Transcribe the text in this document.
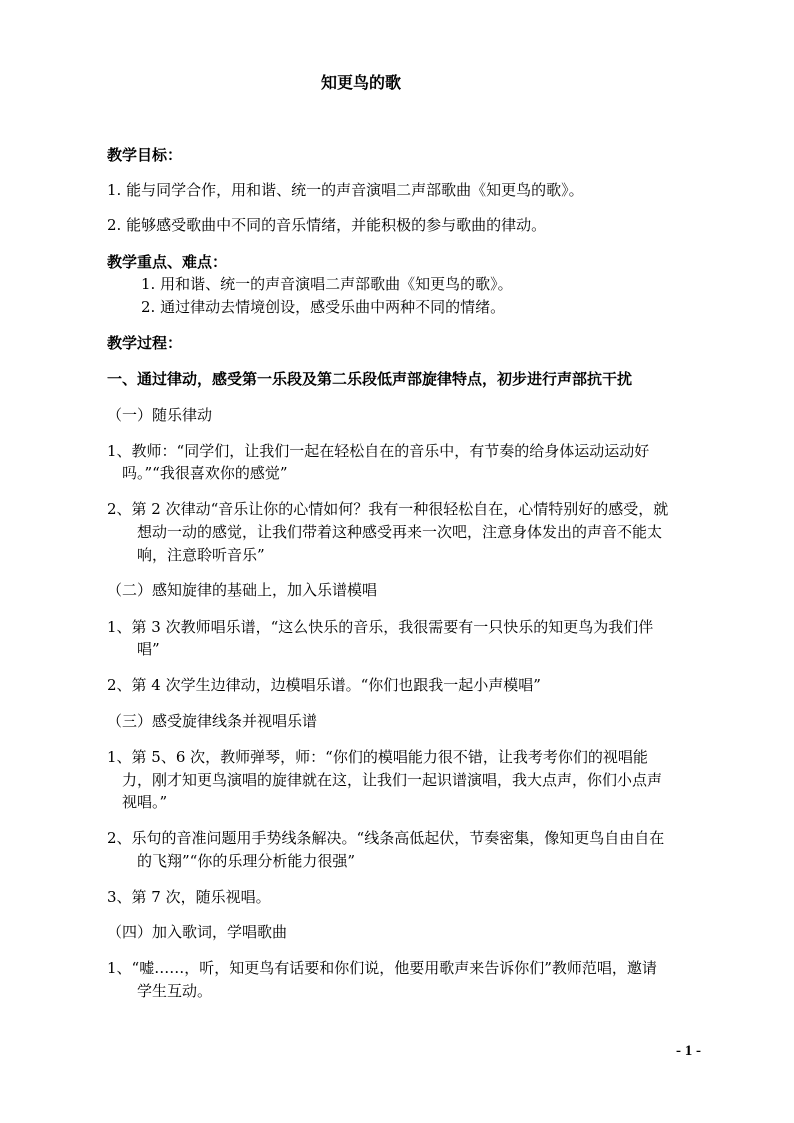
知更鸟的歌
教学目标：
1. 能与同学合作，用和谐、统一的声音演唱二声部歌曲《知更鸟的歌》。
2. 能够感受歌曲中不同的音乐情绪，并能积极的参与歌曲的律动。
教学重点、难点：
1. 用和谐、统一的声音演唱二声部歌曲《知更鸟的歌》。
2. 通过律动去情境创设，感受乐曲中两种不同的情绪。
教学过程：
一、通过律动，感受第一乐段及第二乐段低声部旋律特点，初步进行声部抗干扰
（一）随乐律动
1、教师：“同学们，让我们一起在轻松自在的音乐中，有节奏的给身体运动运动好
吗。”“我很喜欢你的感觉”
2、第 2 次律动“音乐让你的心情如何？我有一种很轻松自在，心情特别好的感受，就
想动一动的感觉，让我们带着这种感受再来一次吧，注意身体发出的声音不能太
响，注意聆听音乐”
（二）感知旋律的基础上，加入乐谱模唱
1、第 3 次教师唱乐谱，“这么快乐的音乐，我很需要有一只快乐的知更鸟为我们伴
唱”
2、第 4 次学生边律动，边模唱乐谱。“你们也跟我一起小声模唱”
（三）感受旋律线条并视唱乐谱
1、第 5、6 次，教师弹琴，师：“你们的模唱能力很不错，让我考考你们的视唱能
力，刚才知更鸟演唱的旋律就在这，让我们一起识谱演唱，我大点声，你们小点声
视唱。”
2、乐句的音准问题用手势线条解决。“线条高低起伏，节奏密集，像知更鸟自由自在
的飞翔”“你的乐理分析能力很强”
3、第 7 次，随乐视唱。
（四）加入歌词，学唱歌曲
1、“嘘……，听，知更鸟有话要和你们说，他要用歌声来告诉你们”教师范唱，邀请
学生互动。
- 1 -
